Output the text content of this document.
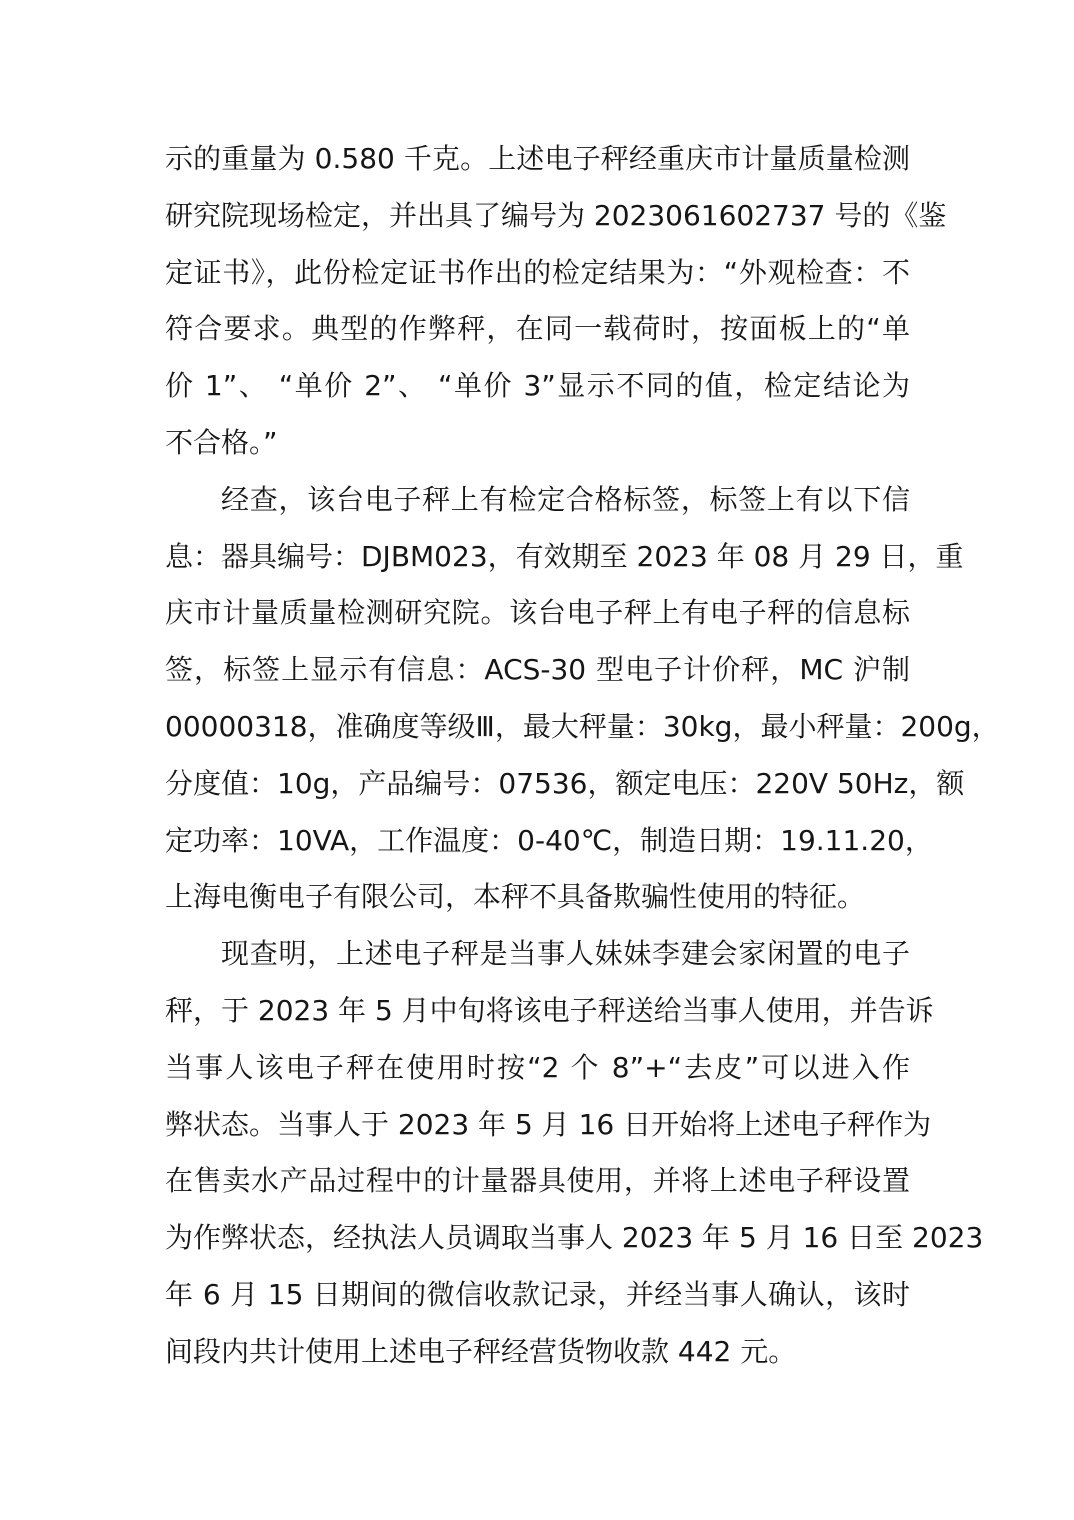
示的重量为 0.580 千克。上述电子秤经重庆市计量质量检测
研究院现场检定，并出具了编号为 2023061602737 号的《鉴
定证书》，此份检定证书作出的检定结果为：“外观检查：不
符合要求。典型的作弊秤，在同一载荷时，按面板上的“单
价 1”、 “单价 2”、 “单价 3”显示不同的值，检定结论为
不合格。”
经查，该台电子秤上有检定合格标签，标签上有以下信
息：器具编号：DJBM023，有效期至 2023 年 08 月 29 日，重
庆市计量质量检测研究院。该台电子秤上有电子秤的信息标
签，标签上显示有信息：ACS-30 型电子计价秤，MC 沪制
00000318，准确度等级Ⅲ，最大秤量：30kg，最小秤量：200g，
分度值：10g，产品编号：07536，额定电压：220V 50Hz，额
定功率：10VA，工作温度：0-40℃，制造日期：19.11.20，
上海电衡电子有限公司，本秤不具备欺骗性使用的特征。
现查明，上述电子秤是当事人妹妹李建会家闲置的电子
秤，于 2023 年 5 月中旬将该电子秤送给当事人使用，并告诉
当事人该电子秤在使用时按“2 个 8”+“去皮”可以进入作
弊状态。当事人于 2023 年 5 月 16 日开始将上述电子秤作为
在售卖水产品过程中的计量器具使用，并将上述电子秤设置
为作弊状态，经执法人员调取当事人 2023 年 5 月 16 日至 2023
年 6 月 15 日期间的微信收款记录，并经当事人确认，该时
间段内共计使用上述电子秤经营货物收款 442 元。
